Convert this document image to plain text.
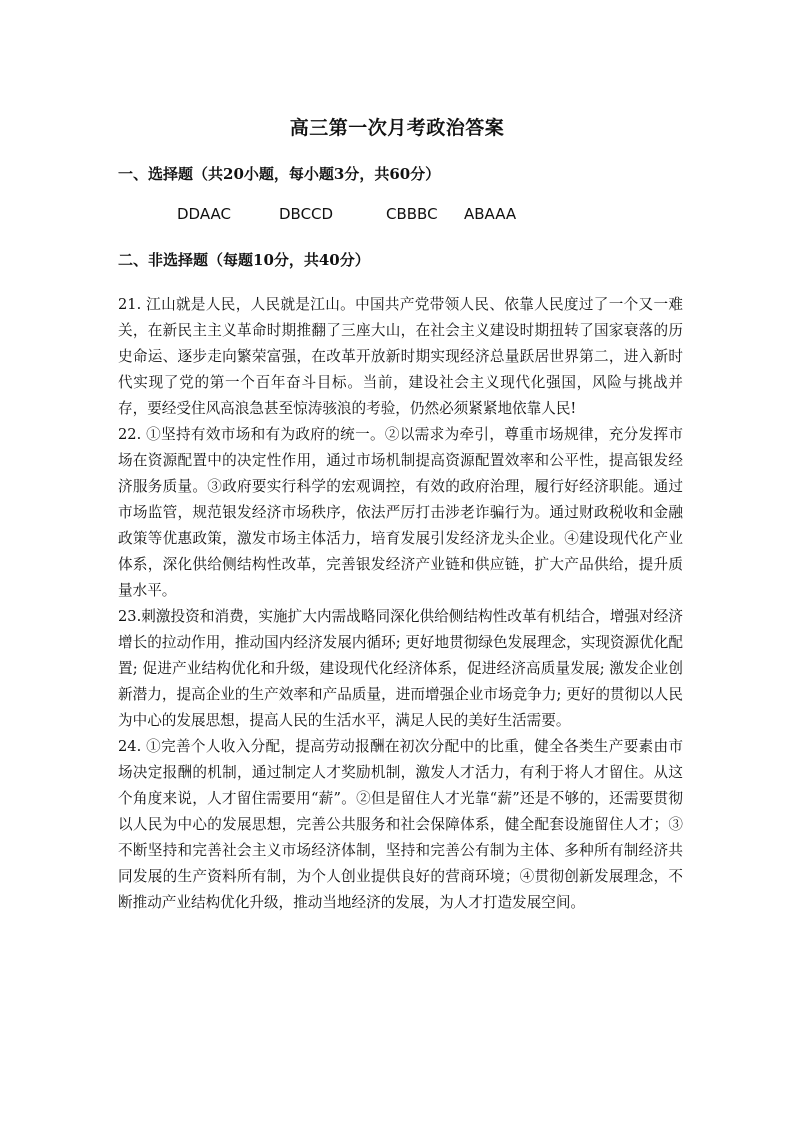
高三第一次月考政治答案
一、选择题（共20小题，每小题3分，共60分）
DDAAC	DBCCD	CBBBC ABAAA
二、非选择题（每题10分，共40分）

21. 江山就是人民，人民就是江山。中国共产党带领人民、依靠人民度过了一个又一难关，在新民主主义革命时期推翻了三座大山，在社会主义建设时期扭转了国家衰落的历史命运、逐步走向繁荣富强，在改革开放新时期实现经济总量跃居世界第二，进入新时代实现了党的第一个百年奋斗目标。当前，建设社会主义现代化强国，风险与挑战并存，要经受住风高浪急甚至惊涛骇浪的考验，仍然必须紧紧地依靠人民!

22. ①坚持有效市场和有为政府的统一。②以需求为牵引，尊重市场规律，充分发挥市场在资源配置中的决定性作用，通过市场机制提高资源配置效率和公平性，提高银发经济服务质量。③政府要实行科学的宏观调控，有效的政府治理，履行好经济职能。通过市场监管，规范银发经济市场秩序，依法严厉打击涉老诈骗行为。通过财政税收和金融政策等优惠政策，激发市场主体活力，培育发展引发经济龙头企业。④建设现代化产业体系，深化供给侧结构性改革，完善银发经济产业链和供应链，扩大产品供给，提升质量水平。

23.刺激投资和消费，实施扩大内需战略同深化供给侧结构性改革有机结合，增强对经济增长的拉动作用，推动国内经济发展内循环; 更好地贯彻绿色发展理念，实现资源优化配置; 促进产业结构优化和升级，建设现代化经济体系，促进经济高质量发展; 激发企业创新潜力，提高企业的生产效率和产品质量，进而增强企业市场竞争力; 更好的贯彻以人民为中心的发展思想，提高人民的生活水平，满足人民的美好生活需要。

24. ①完善个人收入分配，提高劳动报酬在初次分配中的比重，健全各类生产要素由市场决定报酬的机制，通过制定人才奖励机制，激发人才活力，有利于将人才留住。从这个角度来说，人才留住需要用“薪”。②但是留住人才光靠“薪”还是不够的，还需要贯彻以人民为中心的发展思想，完善公共服务和社会保障体系，健全配套设施留住人才；③不断坚持和完善社会主义市场经济体制，坚持和完善公有制为主体、多种所有制经济共同发展的生产资料所有制，为个人创业提供良好的营商环境；④贯彻创新发展理念，不断推动产业结构优化升级，推动当地经济的发展，为人才打造发展空间。
